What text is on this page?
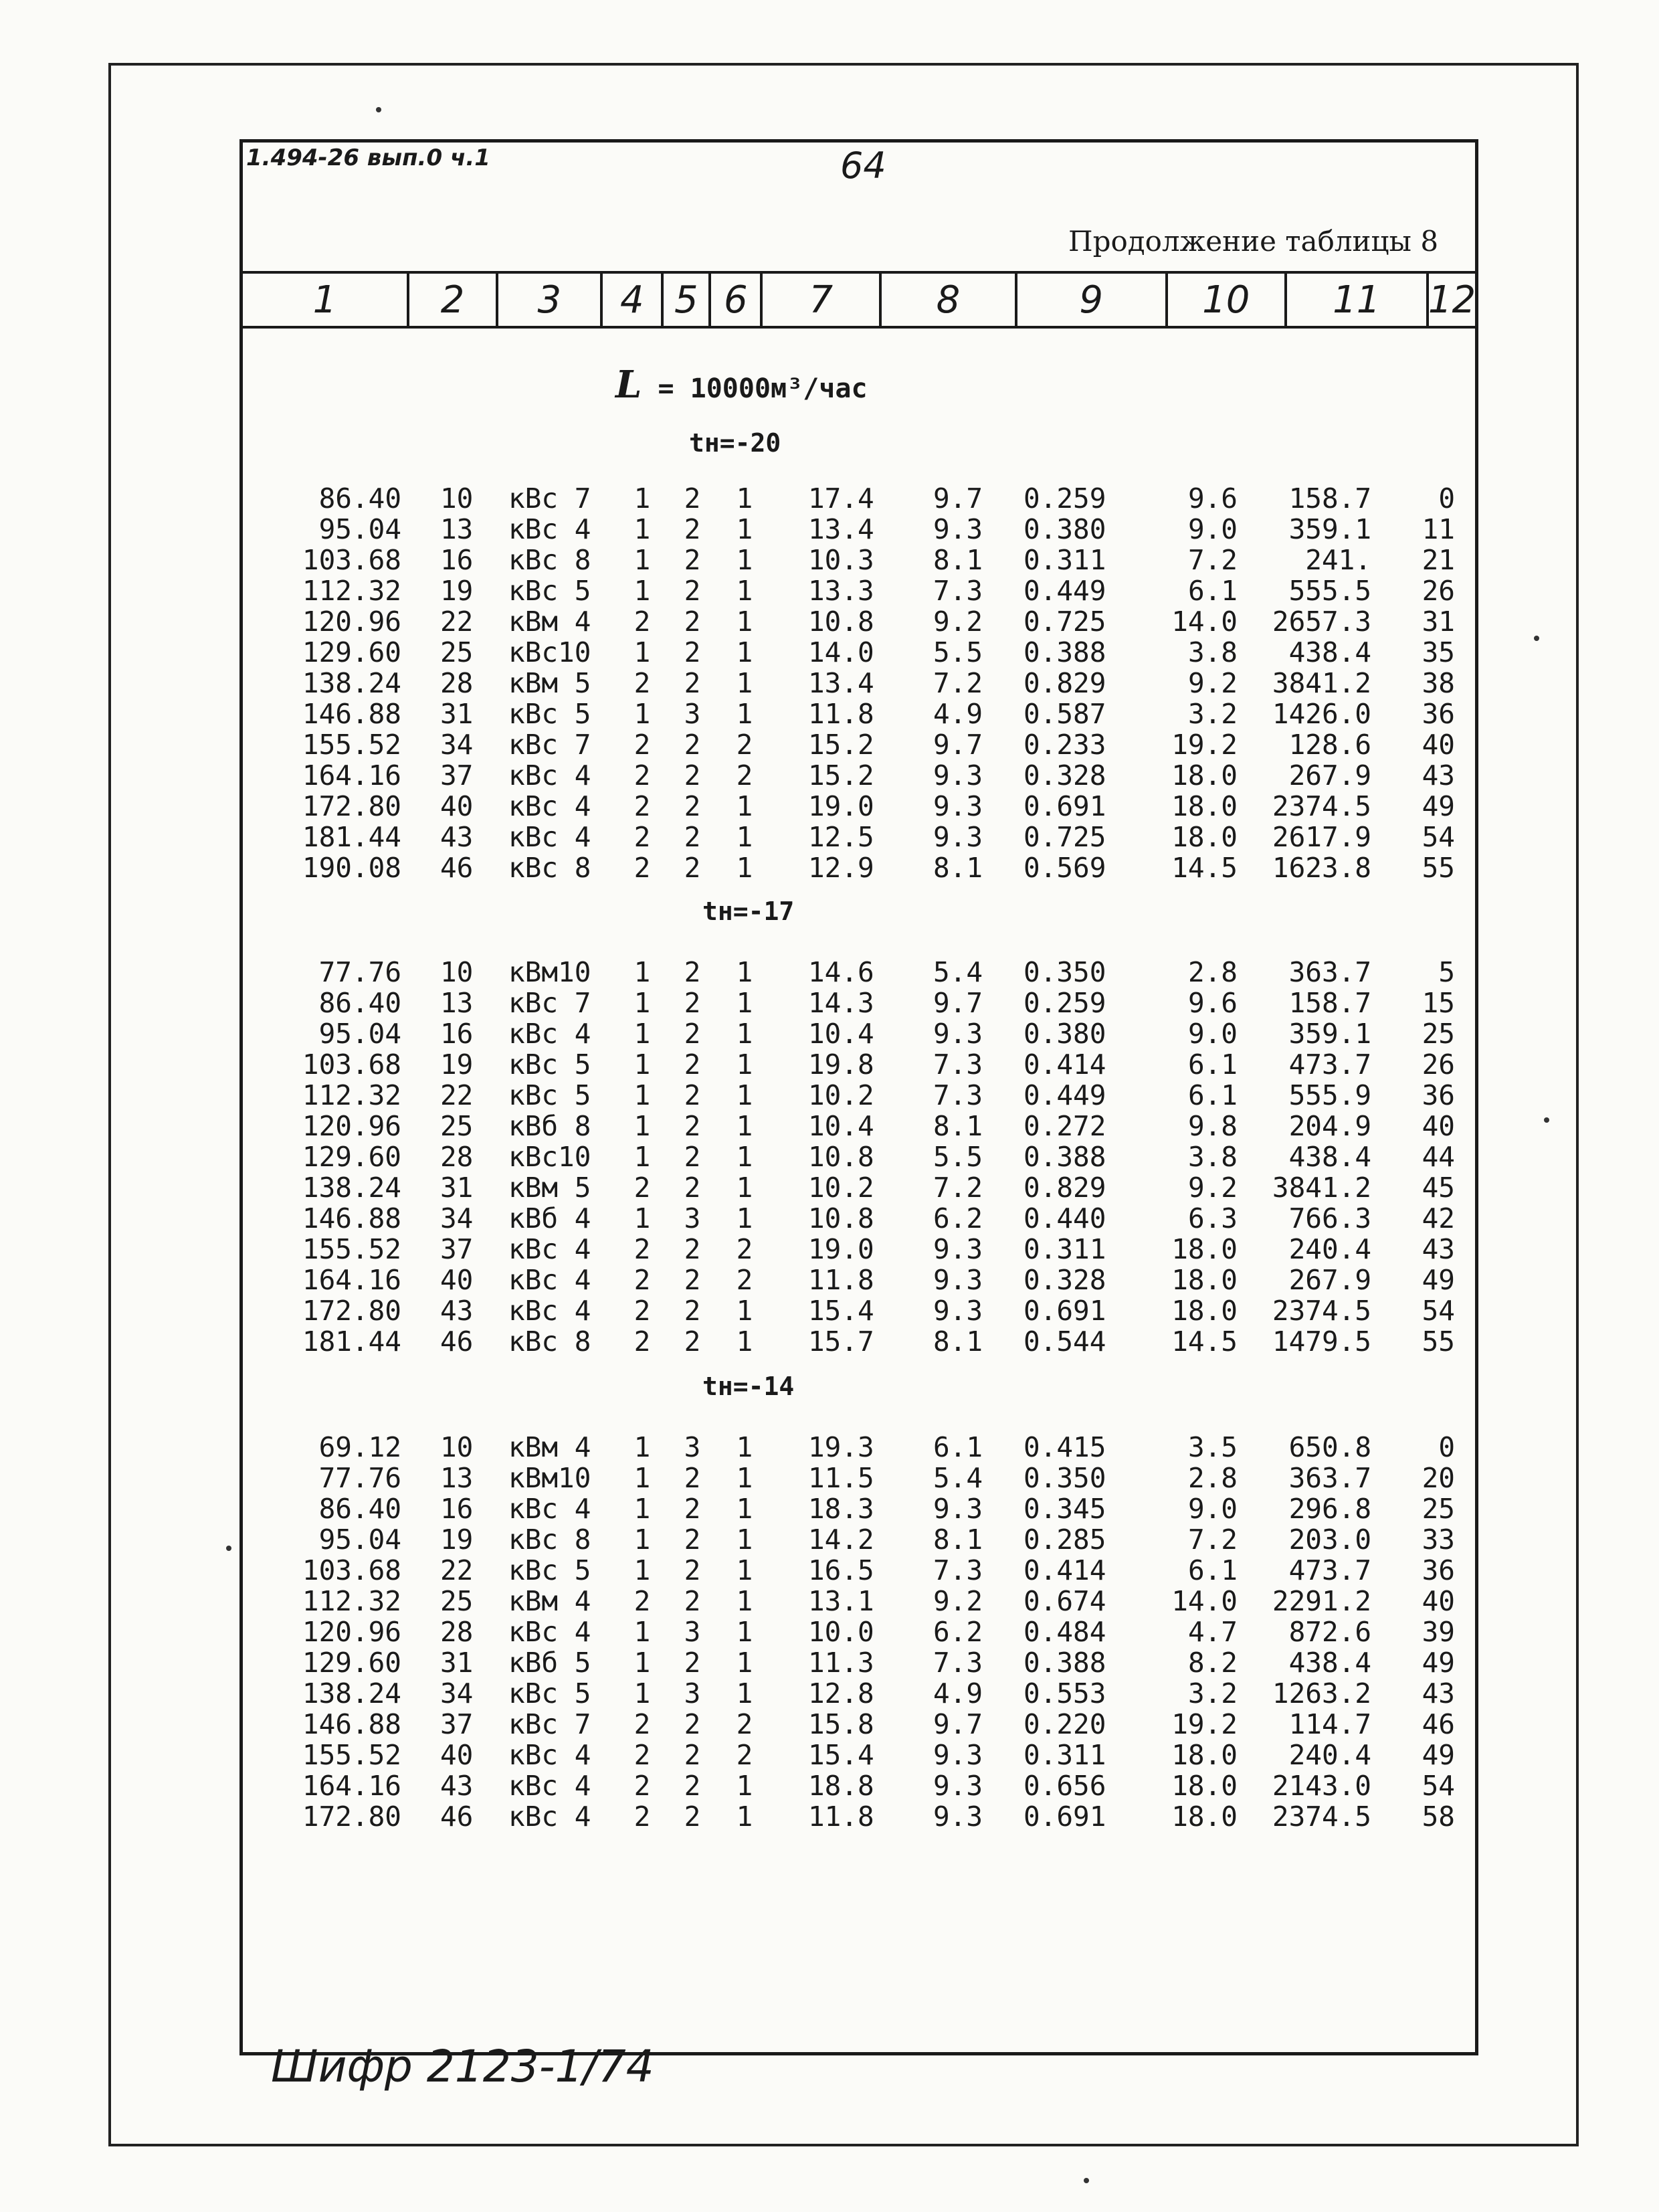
1.494-26 вып.0 ч.1	64
Продолжение таблицы 8
1	2	3	4 5 6	7	8	9	10	11	12
L = 10000м³/час
tн=-20
86.40 10 кВс 7 1 2 1 17.4 9.7 0.259	9.6 158.7 0
95.04 13 кВс 4 1 2 1 13.4 9.3 0.380	9.0 359.1 11
103.68 16 кВс 8 1 2 1 10.3 8.1 0.311	7.2 241. 21
112.32 19 кВс 5 1 2 1 13.3 7.3 0.449	6.1 555.5 26
120.96 22 кВм 4 2 2 1 10.8 9.2 0.725 14.0 2657.3 31
129.60 25 кВс10 1 2 1 14.0 5.5 0.388	3.8 438.4 35
138.24 28 кВм 5 2 2 1 13.4 7.2 0.829	9.2 3841.2 38
146.88 31 кВс 5 1 3 1 11.8 4.9 0.587	3.2 1426.0 36
155.52 34 кВс 7 2 2 2 15.2 9.7 0.233 19.2 128.6 40
164.16 37 кВс 4 2 2 2 15.2 9.3 0.328 18.0 267.9 43
172.80 40 кВс 4 2 2 1 19.0 9.3 0.691 18.0 2374.5 49
181.44 43 кВс 4 2 2 1 12.5 9.3 0.725 18.0 2617.9 54
190.08 46 кВс 8 2 2 1 12.9 8.1 0.569 14.5 1623.8 55
tн=-17
77.76 10 кВм10 1 2 1 14.6 5.4 0.350	2.8 363.7 5
86.40 13 кВс 7 1 2 1 14.3 9.7 0.259	9.6 158.7 15
95.04 16 кВс 4 1 2 1 10.4 9.3 0.380	9.0 359.1 25
103.68 19 кВс 5 1 2 1 19.8 7.3 0.414	6.1 473.7 26
112.32 22 кВс 5 1 2 1 10.2 7.3 0.449	6.1 555.9 36
120.96 25 кВб 8 1 2 1 10.4 8.1 0.272	9.8 204.9 40
129.60 28 кВс10 1 2 1 10.8 5.5 0.388	3.8 438.4 44
138.24 31 кВм 5 2 2 1 10.2 7.2 0.829	9.2 3841.2 45
146.88 34 кВб 4 1 3 1 10.8 6.2 0.440	6.3 766.3 42
155.52 37 кВс 4 2 2 2 19.0 9.3 0.311 18.0 240.4 43
164.16 40 кВс 4 2 2 2 11.8 9.3 0.328 18.0 267.9 49
172.80 43 кВс 4 2 2 1 15.4 9.3 0.691 18.0 2374.5 54
181.44 46 кВс 8 2 2 1 15.7 8.1 0.544 14.5 1479.5 55
tн=-14
69.12 10 кВм 4 1 3 1 19.3 6.1 0.415	3.5 650.8 0
77.76 13 кВм10 1 2 1 11.5 5.4 0.350	2.8 363.7 20
86.40 16 кВс 4 1 2 1 18.3 9.3 0.345	9.0 296.8 25
95.04 19 кВс 8 1 2 1 14.2 8.1 0.285	7.2 203.0 33
103.68 22 кВс 5 1 2 1 16.5 7.3 0.414	6.1 473.7 36
112.32 25 кВм 4 2 2 1 13.1 9.2 0.674 14.0 2291.2 40
120.96 28 кВс 4 1 3 1 10.0 6.2 0.484	4.7 872.6 39
129.60 31 кВб 5 1 2 1 11.3 7.3 0.388	8.2 438.4 49
138.24 34 кВс 5 1 3 1 12.8 4.9 0.553	3.2 1263.2 43
146.88 37 кВс 7 2 2 2 15.8 9.7 0.220 19.2 114.7 46
155.52 40 кВс 4 2 2 2 15.4 9.3 0.311 18.0 240.4 49
164.16 43 кВс 4 2 2 1 18.8 9.3 0.656 18.0 2143.0 54
172.80 46 кВс 4 2 2 1 11.8 9.3 0.691 18.0 2374.5 58
Шифр 2123-1/74
